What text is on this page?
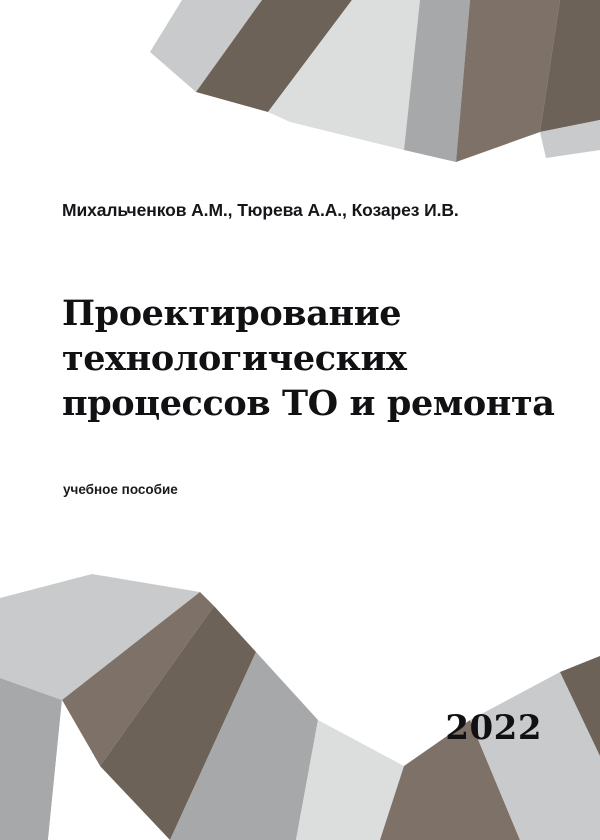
Михальченков А.М., Тюрева А.А., Козарез И.В.
Проектирование
технологических
процессов ТО и ремонта
учебное пособие
2022
